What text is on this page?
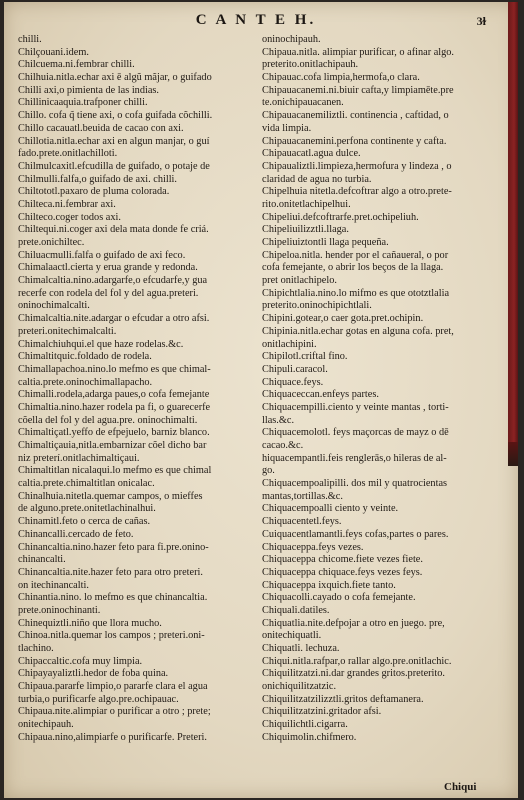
C A N T E H.	3ɫ
chilli.
Chilçouani.idem.
Chilcuema.ni.fembrar chilli.
Chilhuia.nitla.echar axi ē algũ mãjar, o guifado
Chilli axi,o pimienta de las indias.
Chillinicaaquia.trafponer chilli.
Chillo. cofa q̃ tiene axi, o cofa guifada cõchilli.
Chillo cacauatl.beuida de cacao con axi.
Chillotia.nitla.echar axi en algun manjar, o guí
fado.prete.onitlachilloti.
Chilmulcaxitl.efcudilla de guifado, o potaje de
Chilmulli.falfa,o guifado de axi. chilli.
Chiltototl.paxaro de pluma colorada.
Chilteca.ni.fembrar axi.
Chilteco.coger todos axi.
Chiltequi.ni.coger axi dela mata donde fe criá.
prete.onichiltec.
Chiluacmulli.falfa o guifado de axi feco.
Chimalaactl.cierta y erua grande y redonda.
Chimalcaltia.nino.adargarfe,o efcudarfe,y gua
recerfe con rodela del fol y del agua.preteri.
oninochimalcalti.
Chimalcaltia.nite.adargar o efcudar a otro afsi.
preteri.onitechimalcalti.
Chimalchiuhqui.el que haze rodelas.&c.
Chimaltitquic.foldado de rodela.
Chimallapachoa.nino.lo mefmo es que chimal-
caltia.prete.oninochimallapacho.
Chimalli.rodela,adarga paues,o cofa femejante
Chimaltia.nino.hazer rodela pa fi, o guarecerfe
cõella del fol y del agua.pre. oninochimalti.
Chimaltiçatl.yeffo de efpejuelo, barniz blanco.
Chimaltiçauia,nitla.embarnizar cõel dicho bar
niz preterí.onitlachimaltiçaui.
Chimaltitlan nicalaqui.lo mefmo es que chimal
caltia.prete.chimaltitlan onicalac.
Chinalhuia.nitetla.quemar campos, o mieffes
de alguno.prete.onitetlachinalhui.
Chinamitl.feto o cerca de cañas.
Chinancalli.cercado de feto.
Chinancaltia.nino.hazer feto para fi.pre.onino-
chinancalti.
Chinancaltia.nite.hazer feto para otro preteri.
on itechinancalti.
Chinantia.nino. lo mefmo es que chinancaltia.
prete.oninochinanti.
Chinequiztli.niño que llora mucho.
Chinoa.nitla.quemar los campos ; preteri.oni-
tlachino.
Chipaccaltic.cofa muy limpia.
Chipayayaliztli.hedor de foba quina.
Chipaua.pararfe limpio,o pararfe clara el agua
turbia,o purificarfe algo.pre.ochipauac.
Chipaua.nite.alimpiar o purificar a otro ; prete;
onitechipauh.
Chipaua.nino,alimpiarfe o purificarfe. Preteri.
oninochipauh.
Chipaua.nitla. alimpiar purificar, o afinar algo.
preterito.onitlachipauh.
Chipauac.cofa limpia,hermofa,o clara.
Chipauacanemi.ni.biuir cafta,y limpiamēte.pre
te.onichipauacanen.
Chipauacanemiliztli. continencia , caftidad, o
vida limpia.
Chipauacanemini.perfona continente y cafta.
Chipauacatl.agua dulce.
Chipaualiztli.limpieza,hermofura y lindeza , o
claridad de agua no turbia.
Chipelhuia nitetla.defcoftrar algo a otro.prete-
rito.onitetlachipelhui.
Chipeliui.defcoftrarfe.pret.ochipeliuh.
Chipeliuilizztli.llaga.
Chipeliuiztontli llaga pequeña.
Chipeloa.nitla. hender por el cañaueral, o por
cofa femejante, o abrir los beços de la llaga.
pret onitlachipelo.
Chipichtlalia.nino.lo mifmo es que ototztlalia
preterito.oninochipichtlali.
Chipini.gotear,o caer gota.pret.ochipin.
Chipinia.nitla.echar gotas en alguna cofa. pret,
onitlachipini.
Chipilotl.criftal fino.
Chipuli.caracol.
Chiquace.feys.
Chiquaceccan.enfeys partes.
Chiquacempilli.ciento y veinte mantas , torti-
llas.&c.
Chiquacemolotl. feys maçorcas de mayz o dē
cacao.&c.
hiquacempantli.feis renglerās,o hileras de al-
go.
Chiquacempoalipilli. dos mil y quatrocientas
mantas,tortillas.&c.
Chiquacempoalli ciento y veinte.
Chiquacentetl.feys.
Cuiquacentlamantli.feys cofas,partes o pares.
Chiquaceppa.feys vezes.
Chiquaceppa chicome.fiete vezes fiete.
Chiquaceppa chiquace.feys vezes feys.
Chiquaceppa ixquich.fiete tanto.
Chiquacolli.cayado o cofa femejante.
Chiquali.datiles.
Chiquatlia.nite.defpojar a otro en juego. pre,
onitechiquatli.
Chiquatli. lechuza.
Chiqui.nitla.rafpar,o rallar algo.pre.onitlachic.
Chiquilitzatzi.ni.dar grandes gritos.preterito.
onichiquilitzatzic.
Chiquilitzatzilizztli.gritos deftamanera.
Chiquilitzatzini.gritador afsi.
Chiquilichtli.cigarra.
Chiquimolin.chifmero.
Chiqui
